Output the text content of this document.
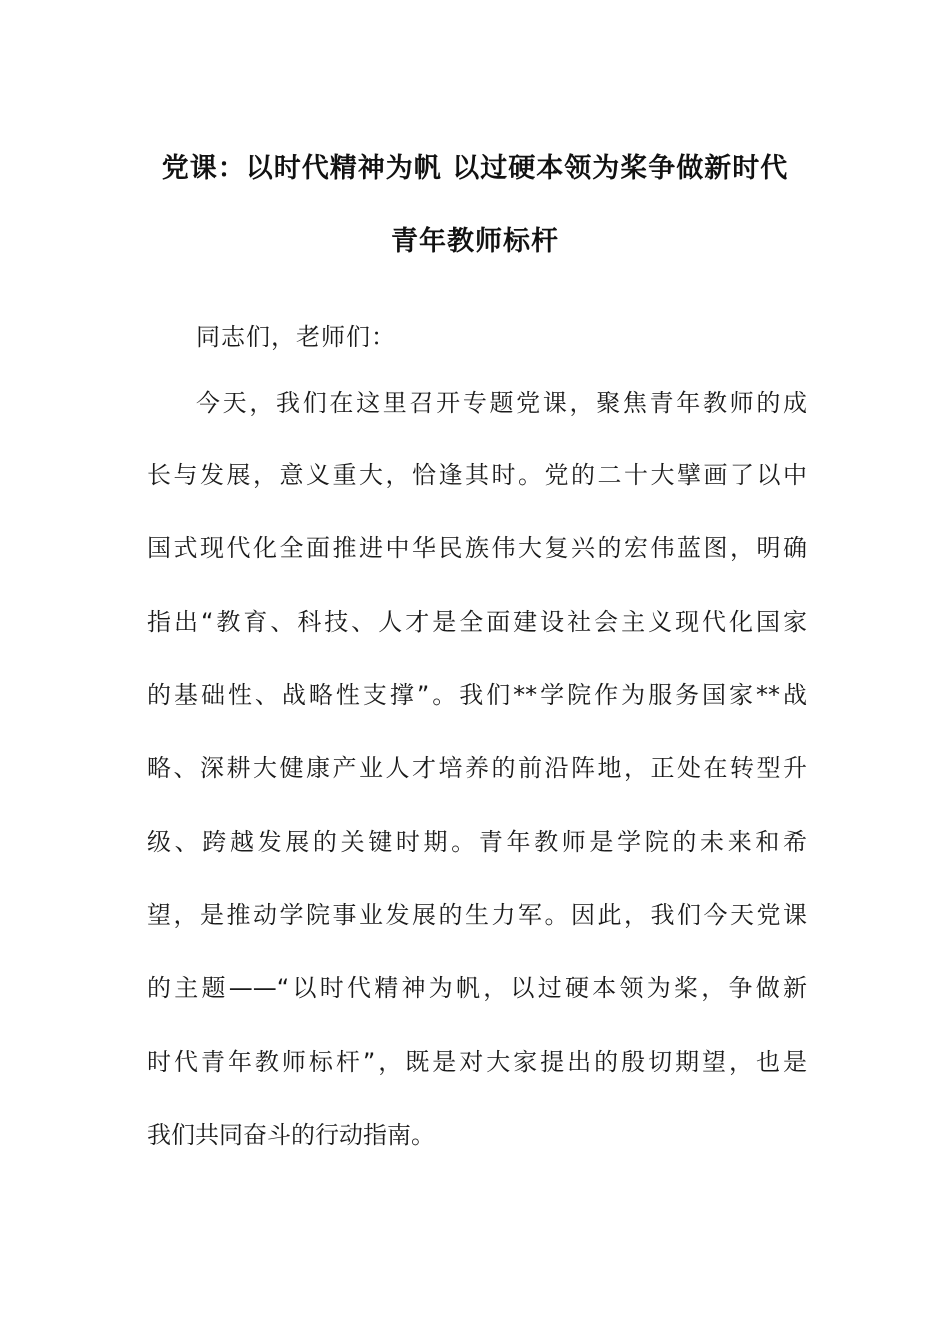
党课：以时代精神为帆 以过硬本领为桨争做新时代
青年教师标杆
同志们，老师们：
今天，我们在这里召开专题党课，聚焦青年教师的成
长与发展，意义重大，恰逢其时。党的二十大擘画了以中
国式现代化全面推进中华民族伟大复兴的宏伟蓝图，明确
指出“教育、科技、人才是全面建设社会主义现代化国家
的基础性、战略性支撑”。我们**学院作为服务国家**战
略、深耕大健康产业人才培养的前沿阵地，正处在转型升
级、跨越发展的关键时期。青年教师是学院的未来和希
望，是推动学院事业发展的生力军。因此，我们今天党课
的主题——“以时代精神为帆，以过硬本领为桨，争做新
时代青年教师标杆”，既是对大家提出的殷切期望，也是
我们共同奋斗的行动指南。
